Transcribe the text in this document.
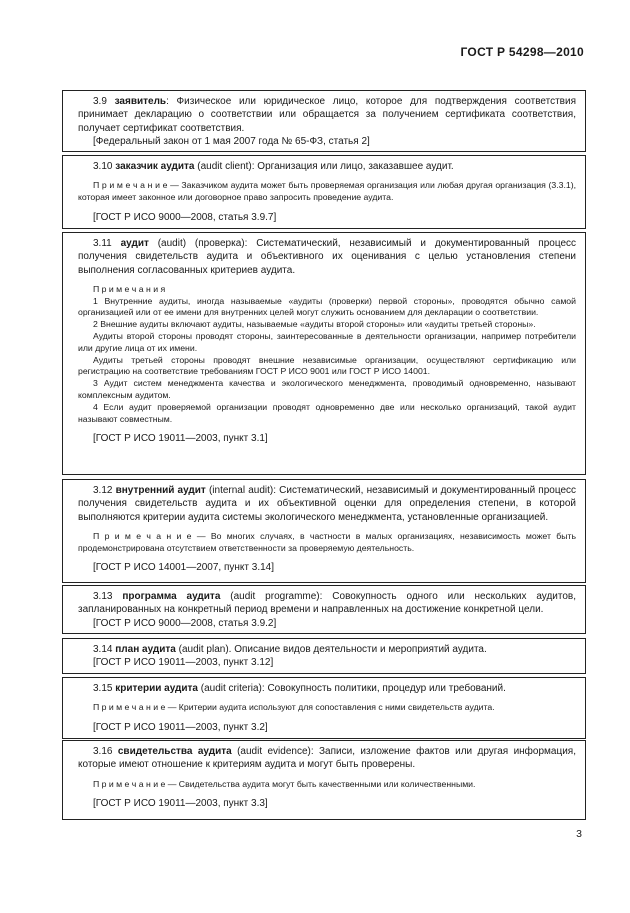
ГОСТ Р 54298—2010

3.9 заявитель: Физическое или юридическое лицо, которое для подтверждения соответствия принимает декларацию о соответствии или обращается за получением сертификата соответствия, получает сертификат соответствия.

[Федеральный закон от 1 мая 2007 года № 65-ФЗ, статья 2]

3.10 заказчик аудита (audit client): Организация или лицо, заказавшее аудит.

П р и м е ч а н и е — Заказчиком аудита может быть проверяемая организация или любая другая организация (3.3.1), которая имеет законное или договорное право запросить проведение аудита.

[ГОСТ Р ИСО 9000—2008, статья 3.9.7]

3.11 аудит (audit) (проверка): Систематический, независимый и документированный процесс получения свидетельств аудита и объективного их оценивания с целью установления степени выполнения согласованных критериев аудита.

П р и м е ч а н и я

1 Внутренние аудиты, иногда называемые «аудиты (проверки) первой стороны», проводятся обычно самой организацией или от ее имени для внутренних целей могут служить основанием для декларации о соответствии.

2 Внешние аудиты включают аудиты, называемые «аудиты второй стороны» или «аудиты третьей стороны».

Аудиты второй стороны проводят стороны, заинтересованные в деятельности организации, например потребители или другие лица от их имени.

Аудиты третьей стороны проводят внешние независимые организации, осуществляют сертификацию или регистрацию на соответствие требованиям ГОСТ Р ИСО 9001 или ГОСТ Р ИСО 14001.

3 Аудит систем менеджмента качества и экологического менеджмента, проводимый одновременно, называют комплексным аудитом.

4 Если аудит проверяемой организации проводят одновременно две или несколько организаций, такой аудит называют совместным.

[ГОСТ Р ИСО 19011—2003, пункт 3.1]

3.12 внутренний аудит (internal audit): Систематический, независимый и документированный процесс получения свидетельств аудита и их объективной оценки для определения степени, в которой выполняются критерии аудита системы экологического менеджмента, установленные организацией.

П р и м е ч а н и е — Во многих случаях, в частности в малых организациях, независимость может быть продемонстрирована отсутствием ответственности за проверяемую деятельность.

[ГОСТ Р ИСО 14001—2007, пункт 3.14]

3.13 программа аудита (audit programme): Совокупность одного или нескольких аудитов, запланированных на конкретный период времени и направленных на достижение конкретной цели.

[ГОСТ Р ИСО 9000—2008, статья 3.9.2]

3.14 план аудита (audit plan). Описание видов деятельности и мероприятий аудита.

[ГОСТ Р ИСО 19011—2003, пункт 3.12]

3.15 критерии аудита (audit criteria): Совокупность политики, процедур или требований.

П р и м е ч а н и е — Критерии аудита используют для сопоставления с ними свидетельств аудита.

[ГОСТ Р ИСО 19011—2003, пункт 3.2]

3.16 свидетельства аудита (audit evidence): Записи, изложение фактов или другая информация, которые имеют отношение к критериям аудита и могут быть проверены.

П р и м е ч а н и е — Свидетельства аудита могут быть качественными или количественными.

[ГОСТ Р ИСО 19011—2003, пункт 3.3]

3
